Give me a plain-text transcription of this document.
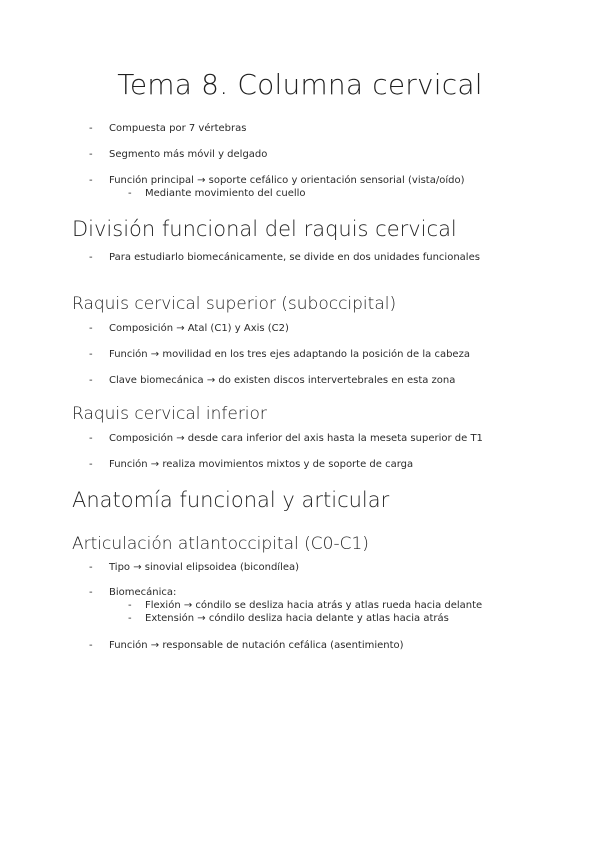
Tema 8. Columna cervical
- Compuesta por 7 vértebras
- Segmento más móvil y delgado
- Función principal → soporte cefálico y orientación sensorial (vista/oído)
- Mediante movimiento del cuello
División funcional del raquis cervical
- Para estudiarlo biomecánicamente, se divide en dos unidades funcionales
Raquis cervical superior (suboccipital)
- Composición → Atal (C1) y Axis (C2)
- Función → movilidad en los tres ejes adaptando la posición de la cabeza
- Clave biomecánica → do existen discos intervertebrales en esta zona
Raquis cervical inferior
- Composición → desde cara inferior del axis hasta la meseta superior de T1
- Función → realiza movimientos mixtos y de soporte de carga
Anatomía funcional y articular
Articulación atlantoccipital (C0-C1)
- Tipo → sinovial elipsoidea (bicondílea)
- Biomecánica:
- Flexión → cóndilo se desliza hacia atrás y atlas rueda hacia delante
- Extensión → cóndilo desliza hacia delante y atlas hacia atrás
- Función → responsable de nutación cefálica (asentimiento)
